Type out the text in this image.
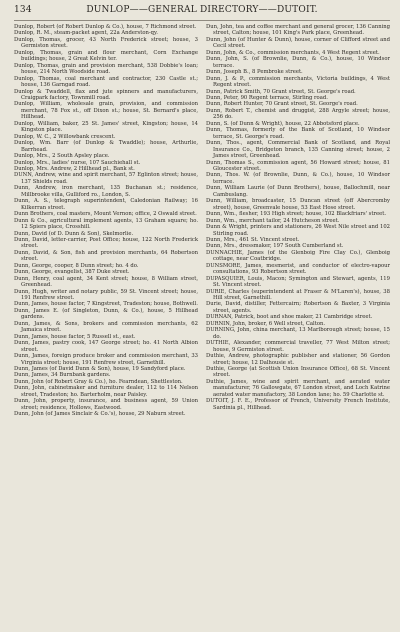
134	DUNLOP——GENERAL DIRECTORY——DUTOIT.

Dunlop, Robert (of Robert Dunlop & Co.), house, 7 Richmond street.

Dunlop, R. M., steam-packet agent, 22a Anderston-qy.

Dunlop, Thomas, grocer, 43 North Frederick street; house, 3 Germiston street.

Dunlop, Thomas, grain and flour merchant, Corn Exchange buildings; house, 2 Great Kelvin ter.

Dunlop, Thomas, grain and provision merchant, 538 Dobbie's loan; house, 214 North Woodside road.

Dunlop, Thomas, coal merchant and contractor, 230 Castle st.; house, 136 Garngad road.

Dunlop & Twaddell, flax and jute spinners and manufacturers, Craigpark factory, Townmill road.

Dunlop, William, wholesale grain, provision, and commission merchant, 78 Fox st., off Dixon st.; house, St. Bernard's place, Hillhead.

Dunlop, William, baker, 25 St. James' street, Kingston; house, 14 Kingston place.

Dunlop, W. C., 2 Willowbank crescent.

Dunlop, Wm. Barr (of Dunlop & Twaddle); house, Arthurlie, Barrhead.

Dunlop, Mrs., 2 South Apsley place.

Dunlop, Mrs., ladies' nurse, 107 Sauchiehall st.

Dunlop, Mrs. Andrew, 2 Hillhead pl., Bank st.

DUNN, Andrew, wine and spirit merchant, 57 Eglinton street; house, 137 Shields road.

Dunn, Andrew, iron merchant, 135 Buchanan st.; residence, Millbrooke villa, Gulliford ro., London, S.

Dunn, A. S., telegraph superintendent, Caledonian Railway; 16 Kilkerran street.

Dunn Brothers, coal masters, Mount Vernon; office, 2 Oswald street.

Dunn & Co., agricultural implement agents, 13 Graham square; ho. 12 Spiers place, Crosshill.

Dunn, David (of D. Dunn & Son), Skelmorlie.

Dunn, David, letter-carrier, Post Office; house, 122 North Frederick street.

Dunn, David, & Son, fish and provision merchants, 64 Robertson street.

Dunn, George, cooper, 8 Dunn street; ho. 4 do.

Dunn, George, evangelist, 387 Duke street.

Dunn, Henry, coal agent, 34 Kent street; house, 8 William street, Greenhead.

Dunn, Hugh, writer and notary public, 59 St. Vincent street; house, 191 Renfrew street.

Dunn, James, house factor, 7 Kingstreet, Tradeston; house, Bothwell.

Dunn, James E. (of Singleton, Dunn, & Co.), house, 5 Hillhead gardens.

Dunn, James, & Sons, brokers and commission merchants, 62 Jamaica street.

Dunn, James, house factor, 5 Russell st., east.

Dunn, James, pastry cook, 147 George street; ho. 41 North Albion street.

Dunn, James, foreign produce broker and commission merchant, 33 Virginia street; house, 191 Renfrew street, Garnethill.

Dunn, James (of David Dunn & Son), house, 19 Sandyford place.

Dunn, James, 34 Burnbank gardens.

Dunn, John (of Robert Gray & Co.), ho. Fearndean, Shettleston.

Dunn, John, cabinetmaker and furniture dealer, 112 to 114 Nelson street, Tradeston; ho. Barterholm, near Paisley.

Dunn, John, property, insurance, and business agent, 59 Union street; residence, Hollows, Eastwood.

Dunn, John (of James Sinclair & Co.'s), house, 29 Naburn street.

Dun, John, tea and coffee merchant and general grocer, 136 Canning street, Calton; house, 101 King's Park place, Greenhead.

Dunn, John (of Hunter & Dunn), house, corner of Clifford street and Cecil street.

Dunn, John, & Co., commission merchants, 4 West Regent street.

Dunn, John, S. (of Brownlie, Dunn, & Co.), house, 10 Windsor terrace.

Dunn, Joseph B., 8 Pembroke street.

Dunn, J. & P., commission merchants, Victoria buildings, 4 West Regent street.

Dunn, Patrick Smith, 70 Grant street, St. George's road.

Dunn, Peter, 90 Regent terrace, Stirling road.

Dunn, Robert Hunter, 70 Grant street, St. George's road.

Dunn, Robert T., chemist and druggist, 288 Argyle street; house, 256 do.

Dunn, S. (of Dunn & Wright), house, 22 Abbotsford place.

Dunn, Thomas, formerly of the Bank of Scotland, 10 Windsor terrace, St. George's road.

Dunn, Thos., agent, Commercial Bank of Scotland, and Royal Insurance Co., Bridgeton branch, 135 Canning street; house, 2 James street, Greenhead.

Dunn, Thomas S., commission agent, 56 Howard street; house, 81 Gloucester street.

Dunn, Thos. W. (of Brownlie, Dunn, & Co.), house, 10 Windsor terrace.

Dunn, William Laurie (of Dunn Brothers), house, Ballochmill, near Cambuslang.

Dunn, William, broadcaster, 15 Duncan street (off Abercromby street), house, Greenvale house, 53 East Hose street.

Dunn, Wm., flesher, 193 High street; house, 102 Blackfriars' street.

Dunn, Wm., merchant tailor, 24 Hutcheson street.

Dunn & Wright, printers and stationers, 26 West Nile street and 102 Stirling road.

Dunn, Mrs., 461 St. Vincent street.

Dunn, Mrs., dressmaker, 197 South Cumberland st.

DUNNACHIE, James (of the Glenboig Fire Clay Co.), Glenboig cottage, near Coatbridge.

DUNSMORE, James, mesmerist, and conductor of electro-vapour consultations, 93 Robertson street.

DUPASQUIER, Louis, Macon; Symington and Stewart, agents, 119 St. Vincent street.

DURIE, Charles (superintendent at Fraser & M'Laren's), house, 38 Hill street, Garnethill.

Durie, David, distiller, Fettercairn; Robertson & Baxter, 3 Virginia street, agents.

DURNAN, Patrick, boot and shoe maker, 21 Cambridge street.

DURNIN, John, broker, 6 Well street, Calton.

DURNING, John, china merchant, 13 Marlborough street; house, 15 do.

DUTHIE, Alexander, commercial traveller, 77 West Milton street; house, 9 Germiston street.

Duthie, Andrew, photographic publisher and stationer, 56 Gordon street; house, 12 Dalhousie st.

Duthie, George (at Scottish Union Insurance Office), 68 St. Vincent street.

Duthie, James, wine and spirit merchant, and aerated water manufacturer, 76 Gallowgate, 67 London street, and Loch Katrine aerated water manufactory, 38 London lane; ho. 59 Charlotte st.

DUTOIT, J. F. E., Professor of French, University French Institute, Sardinia pl., Hillhead.
